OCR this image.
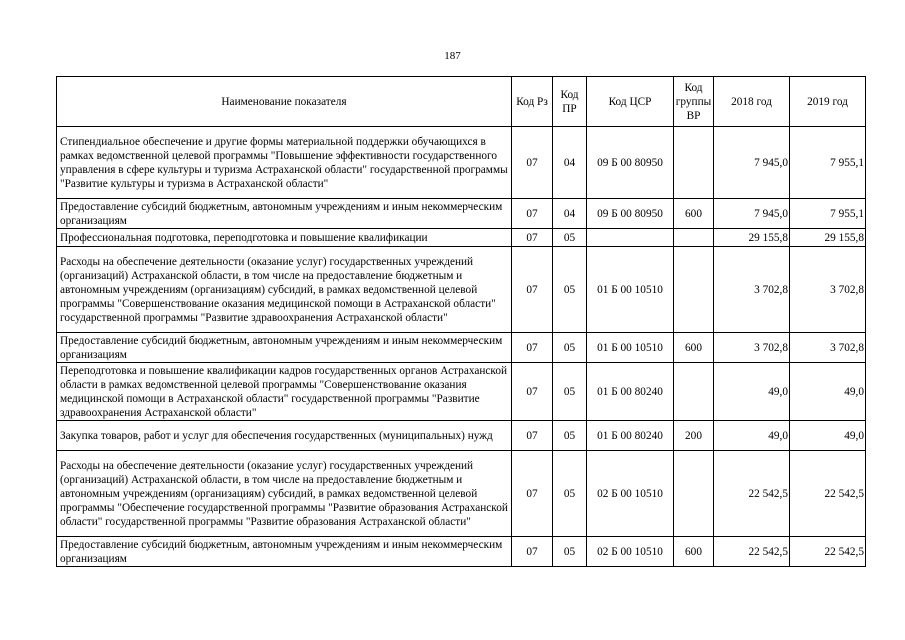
187
Наименование показателя	Код Рз	Код ПР	Код ЦСР	Код группы ВР	2018 год	2019 год
Стипендиальное обеспечение и другие формы материальной поддержки обучающихся в рамках ведомственной целевой программы "Повышение эффективности государственного управления в сфере культуры и туризма Астраханской области" государственной программы "Развитие культуры и туризма в Астраханской области"	07	04	09 Б 00 80950		7 945,0	7 955,1
Предоставление субсидий бюджетным, автономным учреждениям и иным некоммерческим организациям	07	04	09 Б 00 80950	600	7 945,0	7 955,1
Профессиональная подготовка, переподготовка и повышение квалификации	07	05			29 155,8	29 155,8
Расходы на обеспечение деятельности (оказание услуг) государственных учреждений (организаций) Астраханской области, в том числе на предоставление бюджетным и автономным учреждениям (организациям) субсидий, в рамках ведомственной целевой программы "Совершенствование оказания медицинской помощи в Астраханской области" государственной программы "Развитие здравоохранения Астраханской области"	07	05	01 Б 00 10510		3 702,8	3 702,8
Предоставление субсидий бюджетным, автономным учреждениям и иным некоммерческим организациям	07	05	01 Б 00 10510	600	3 702,8	3 702,8
Переподготовка и повышение квалификации кадров государственных органов Астраханской области в рамках ведомственной целевой программы "Совершенствование оказания медицинской помощи в Астраханской области" государственной программы "Развитие здравоохранения Астраханской области"	07	05	01 Б 00 80240		49,0	49,0
Закупка товаров, работ и услуг для обеспечения государственных (муниципальных) нужд	07	05	01 Б 00 80240	200	49,0	49,0
Расходы на обеспечение деятельности (оказание услуг) государственных учреждений (организаций) Астраханской области, в том числе на предоставление бюджетным и автономным учреждениям (организациям) субсидий, в рамках ведомственной целевой программы "Обеспечение государственной программы "Развитие образования Астраханской области" государственной программы "Развитие образования Астраханской области"	07	05	02 Б 00 10510		22 542,5	22 542,5
Предоставление субсидий бюджетным, автономным учреждениям и иным некоммерческим организациям	07	05	02 Б 00 10510	600	22 542,5	22 542,5
